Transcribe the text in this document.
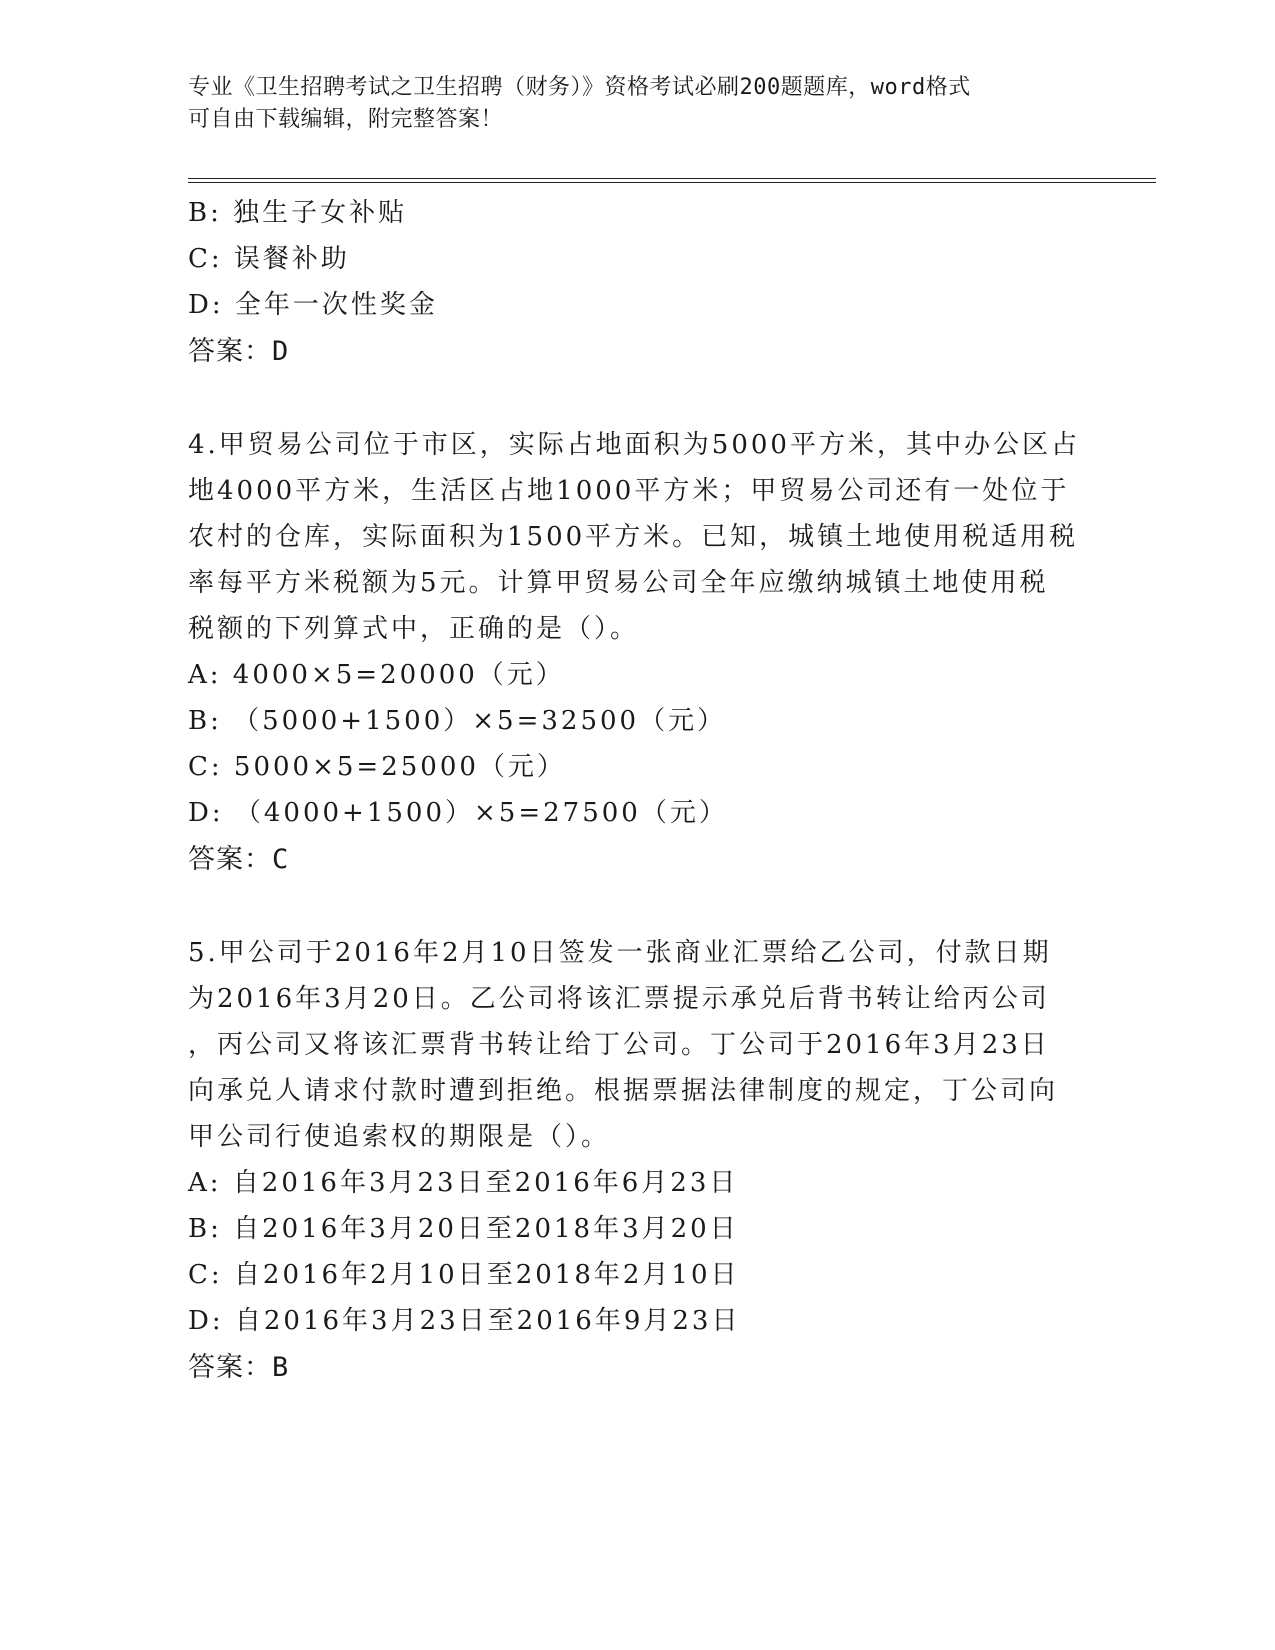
专业《卫生招聘考试之卫生招聘（财务）》资格考试必刷200题题库，word格式
可自由下载编辑，附完整答案！
B: 独生子女补贴
C: 误餐补助
D: 全年一次性奖金
答案：D
4.甲贸易公司位于市区，实际占地面积为5000平方米，其中办公区占
地4000平方米，生活区占地1000平方米；甲贸易公司还有一处位于
农村的仓库，实际面积为1500平方米。已知，城镇土地使用税适用税
率每平方米税额为5元。计算甲贸易公司全年应缴纳城镇土地使用税
税额的下列算式中，正确的是（）。
A: 4000×5=20000（元）
B: （5000+1500）×5=32500（元）
C: 5000×5=25000（元）
D: （4000+1500）×5=27500（元）
答案：C
5.甲公司于2016年2月10日签发一张商业汇票给乙公司，付款日期
为2016年3月20日。乙公司将该汇票提示承兑后背书转让给丙公司
，丙公司又将该汇票背书转让给丁公司。丁公司于2016年3月23日
向承兑人请求付款时遭到拒绝。根据票据法律制度的规定，丁公司向
甲公司行使追索权的期限是（）。
A: 自2016年3月23日至2016年6月23日
B: 自2016年3月20日至2018年3月20日
C: 自2016年2月10日至2018年2月10日
D: 自2016年3月23日至2016年9月23日
答案：B
